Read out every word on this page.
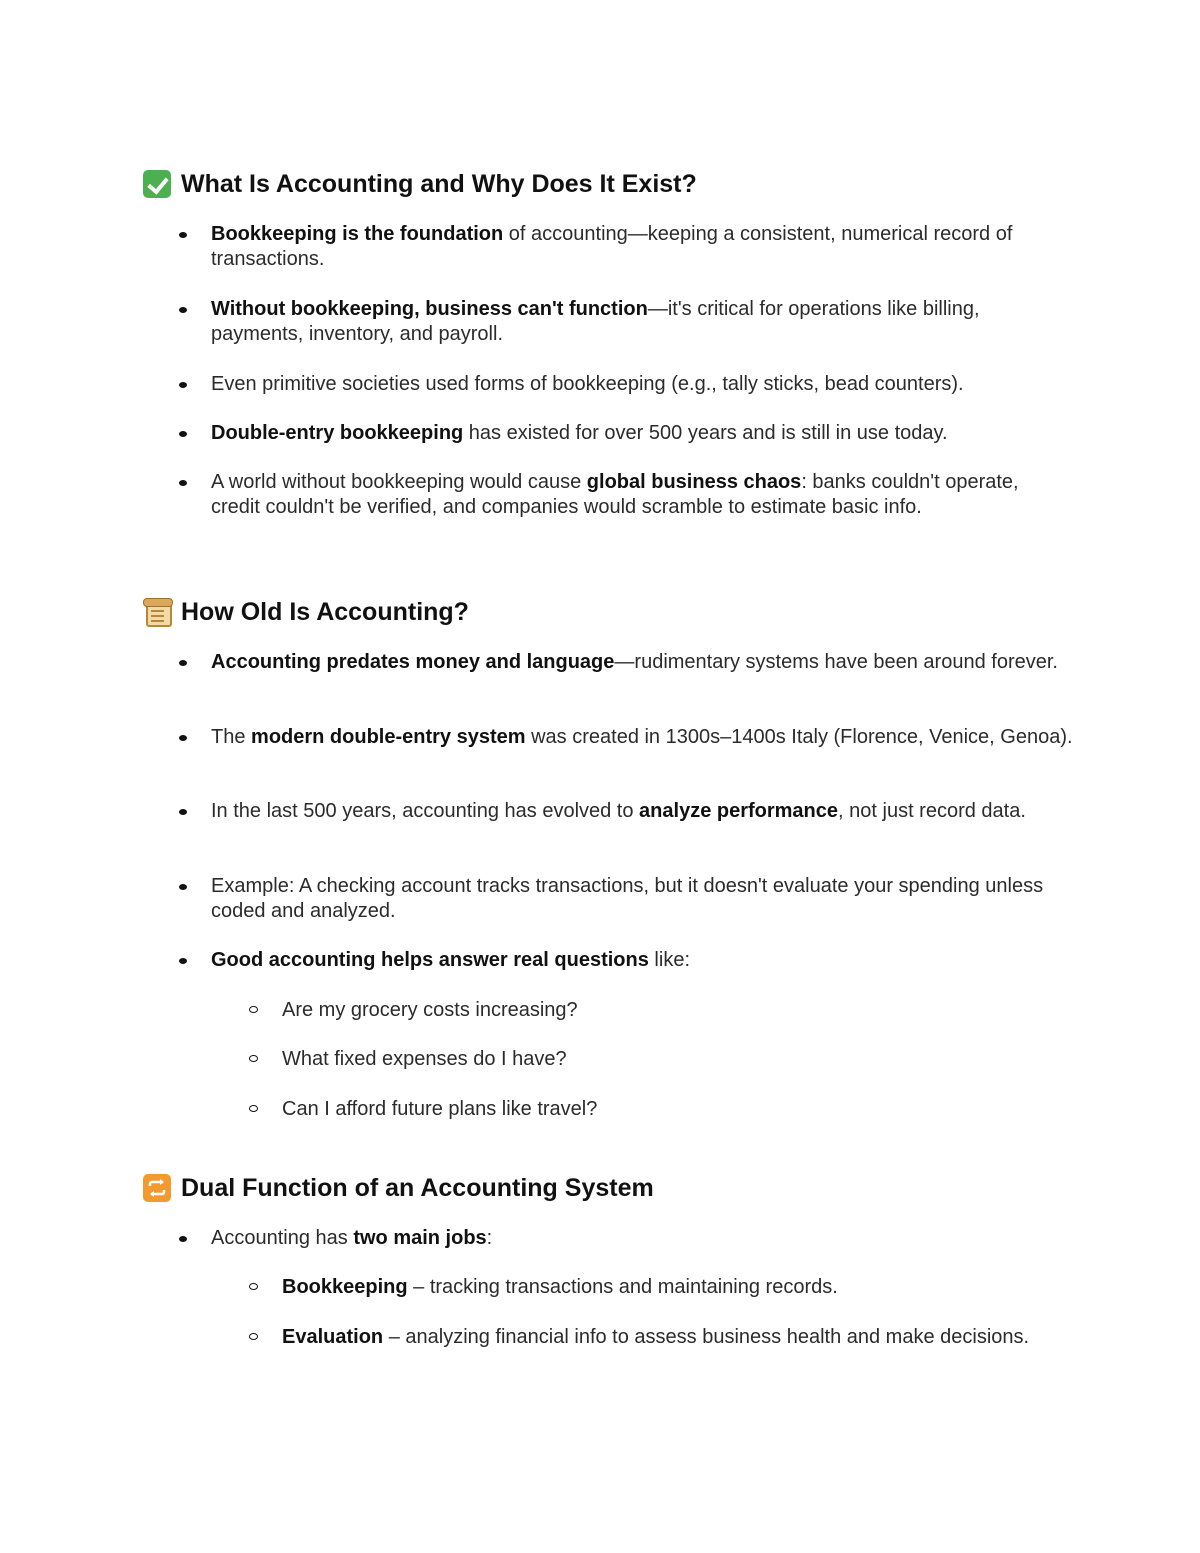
What Is Accounting and Why Does It Exist?
Bookkeeping is the foundation of accounting—keeping a consistent, numerical record of transactions.
Without bookkeeping, business can't function—it's critical for operations like billing, payments, inventory, and payroll.
Even primitive societies used forms of bookkeeping (e.g., tally sticks, bead counters).
Double-entry bookkeeping has existed for over 500 years and is still in use today.
A world without bookkeeping would cause global business chaos: banks couldn't operate, credit couldn't be verified, and companies would scramble to estimate basic info.
How Old Is Accounting?
Accounting predates money and language—rudimentary systems have been around forever.
The modern double-entry system was created in 1300s–1400s Italy (Florence, Venice, Genoa).
In the last 500 years, accounting has evolved to analyze performance, not just record data.
Example: A checking account tracks transactions, but it doesn't evaluate your spending unless coded and analyzed.
Good accounting helps answer real questions like:
Are my grocery costs increasing?
What fixed expenses do I have?
Can I afford future plans like travel?
Dual Function of an Accounting System
Accounting has two main jobs:
Bookkeeping – tracking transactions and maintaining records.
Evaluation – analyzing financial info to assess business health and make decisions.
